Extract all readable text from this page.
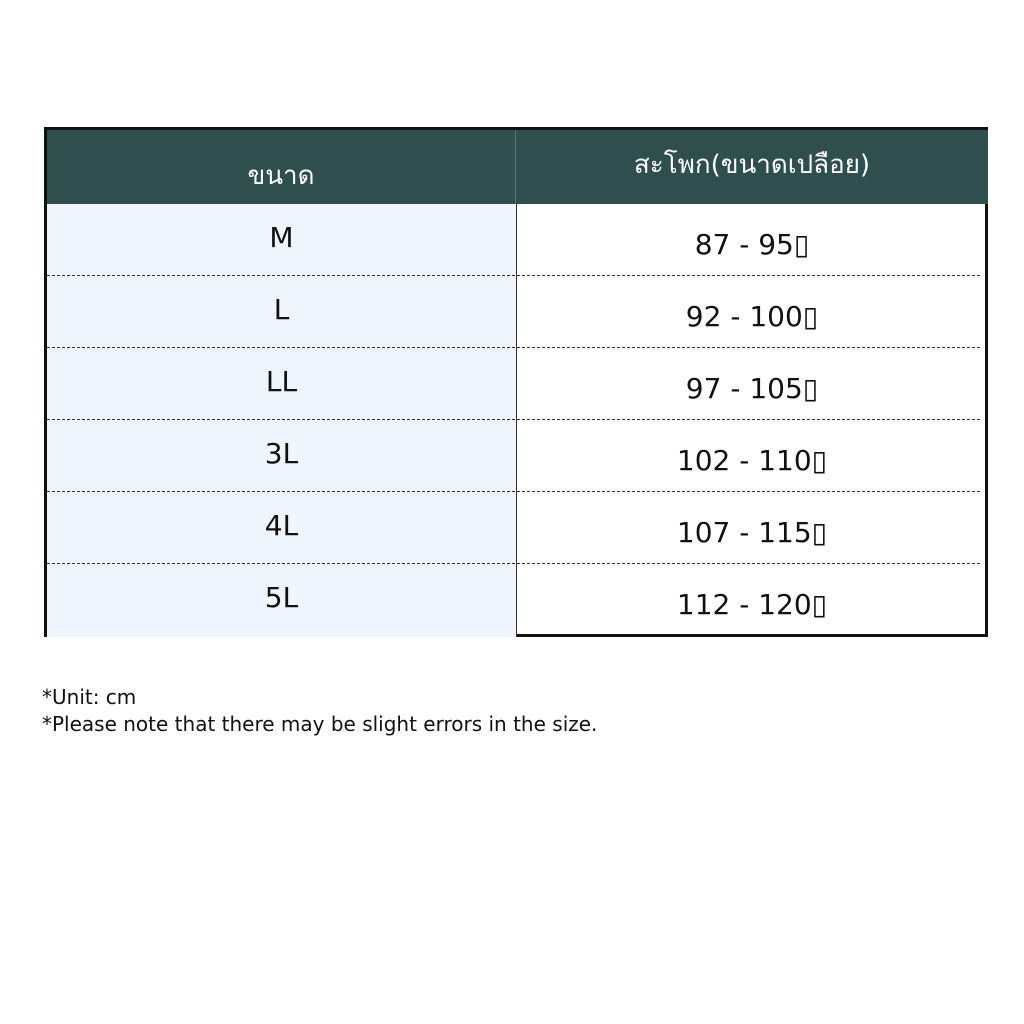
ขนาด	สะโพก(ขนาดเปลือย)
M	87 - 95▯
L	92 - 100▯
LL	97 - 105▯
3L	102 - 110▯
4L	107 - 115▯
5L	112 - 120▯
*Unit: cm
*Please note that there may be slight errors in the size.
